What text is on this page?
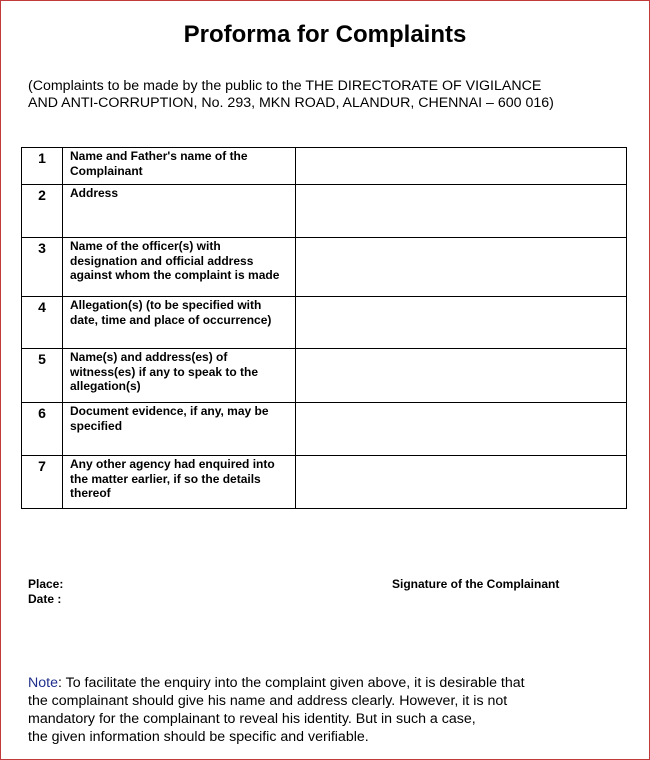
Proforma for Complaints
(Complaints to be made by the public to the THE DIRECTORATE OF VIGILANCE
AND ANTI-CORRUPTION, No. 293, MKN ROAD, ALANDUR, CHENNAI – 600 016)
1	Name and Father's name of the Complainant	
2	Address	
3	Name of the officer(s) with designation and official address against whom the complaint is made	
4	Allegation(s) (to be specified with date, time and place of occurrence)	
5	Name(s) and address(es) of witness(es) if any to speak to the allegation(s)	
6	Document evidence, if any, may be specified	
7	Any other agency had enquired into the matter earlier, if so the details thereof	
Place:
Date :
Signature of the Complainant
Note: To facilitate the enquiry into the complaint given above, it is desirable that
the complainant should give his name and address clearly. However, it is not
mandatory for the complainant to reveal his identity. But in such a case,
the given information should be specific and verifiable.
